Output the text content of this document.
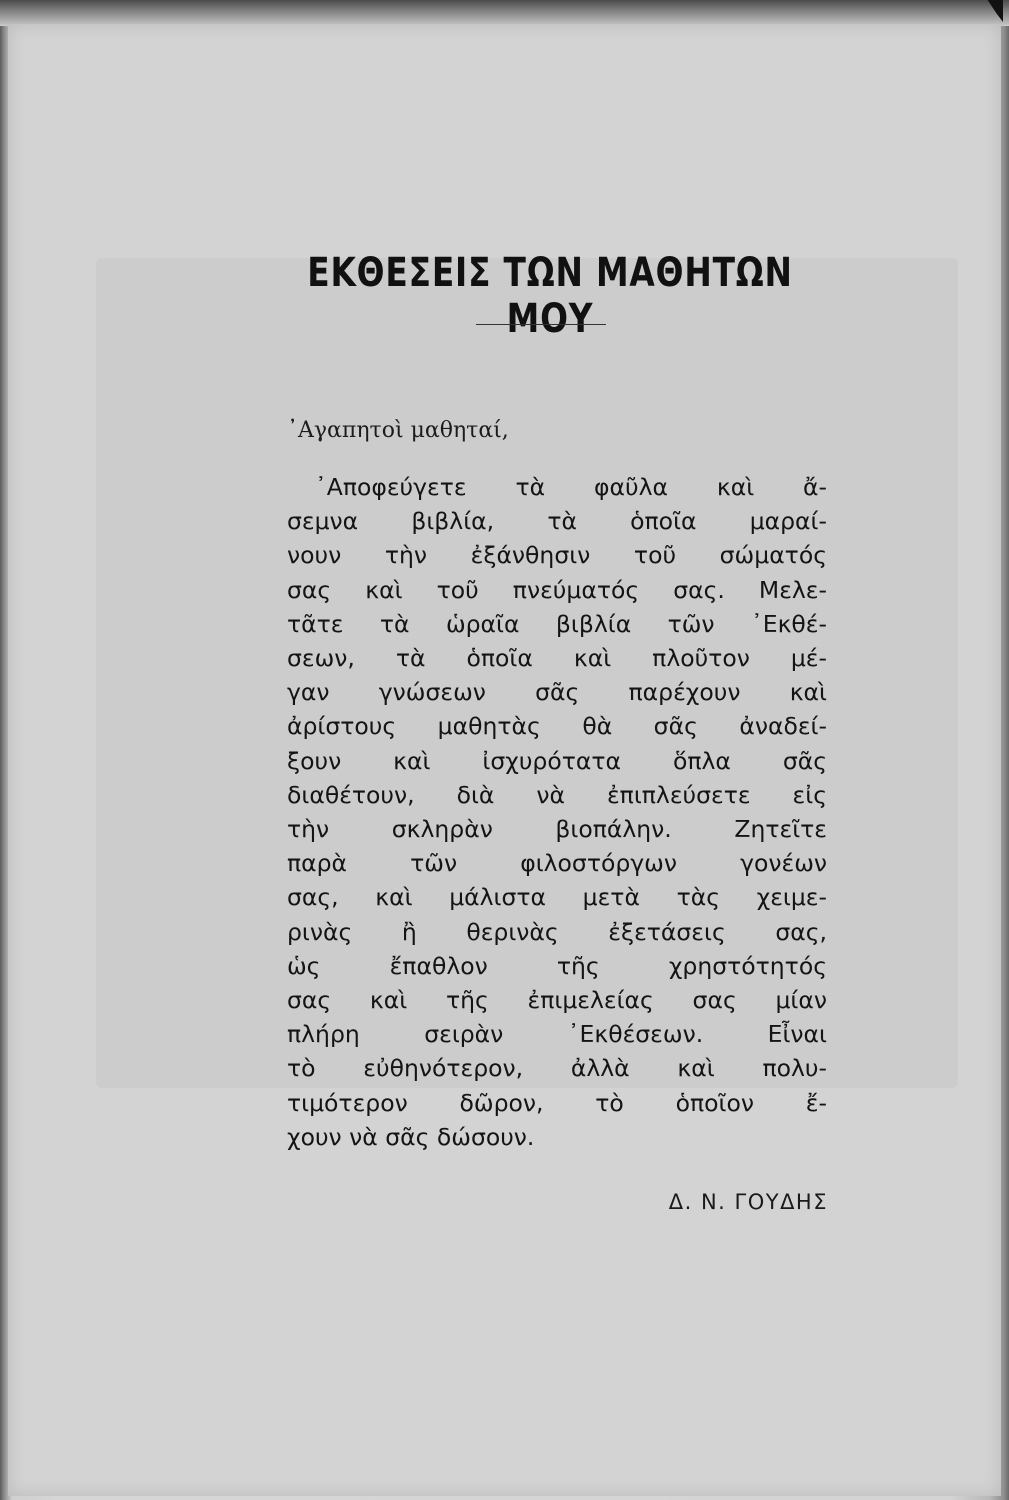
ΕΚΘΕΣΕΙΣ ΤΩΝ ΜΑΘΗΤΩΝ ΜΟΥ
᾿Αγαπητοὶ μαθηταί,
᾿Αποφεύγετε τὰ φαῦλα καὶ ἄ-
σεμνα βιβλία, τὰ ὁποῖα μαραί-
νουν τὴν ἐξάνθησιν τοῦ σώματός
σας καὶ τοῦ πνεύματός σας. Μελε-
τᾶτε τὰ ὡραῖα βιβλία τῶν ᾿Εκθέ-
σεων, τὰ ὁποῖα καὶ πλοῦτον μέ-
γαν γνώσεων σᾶς παρέχουν καὶ
ἀρίστους μαθητὰς θὰ σᾶς ἀναδεί-
ξουν καὶ ἰσχυρότατα ὅπλα σᾶς
διαθέτουν, διὰ νὰ ἐπιπλεύσετε εἰς
τὴν σκληρὰν βιοπάλην. Ζητεῖτε
παρὰ τῶν φιλοστόργων γονέων
σας, καὶ μάλιστα μετὰ τὰς χειμε-
ρινὰς ἢ θερινὰς ἐξετάσεις σας,
ὡς ἔπαθλον τῆς χρηστότητός
σας καὶ τῆς ἐπιμελείας σας μίαν
πλήρη σειρὰν ᾿Εκθέσεων. Εἶναι
τὸ εὐθηνότερον, ἀλλὰ καὶ πολυ-
τιμότερον δῶρον, τὸ ὁποῖον ἔ-
χουν νὰ σᾶς δώσουν.
Δ. Ν. ΓΟΥΔΗΣ
